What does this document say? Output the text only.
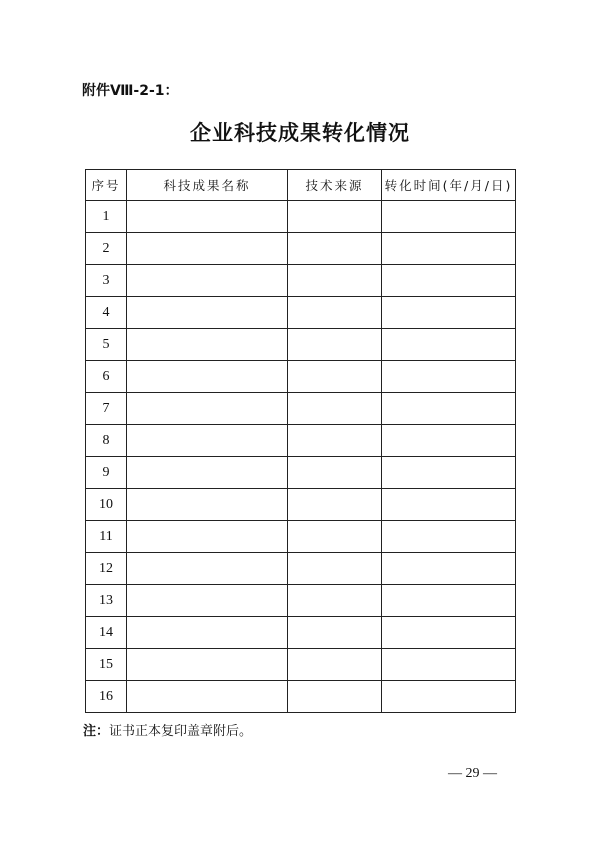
附件Ⅷ-2-1：
企业科技成果转化情况
序号	科技成果名称	技术来源	转化时间(年/月/日)
1			
2			
3			
4			
5			
6			
7			
8			
9			
10			
11			
12			
13			
14			
15			
16			
注：证书正本复印盖章附后。
— 29 —
